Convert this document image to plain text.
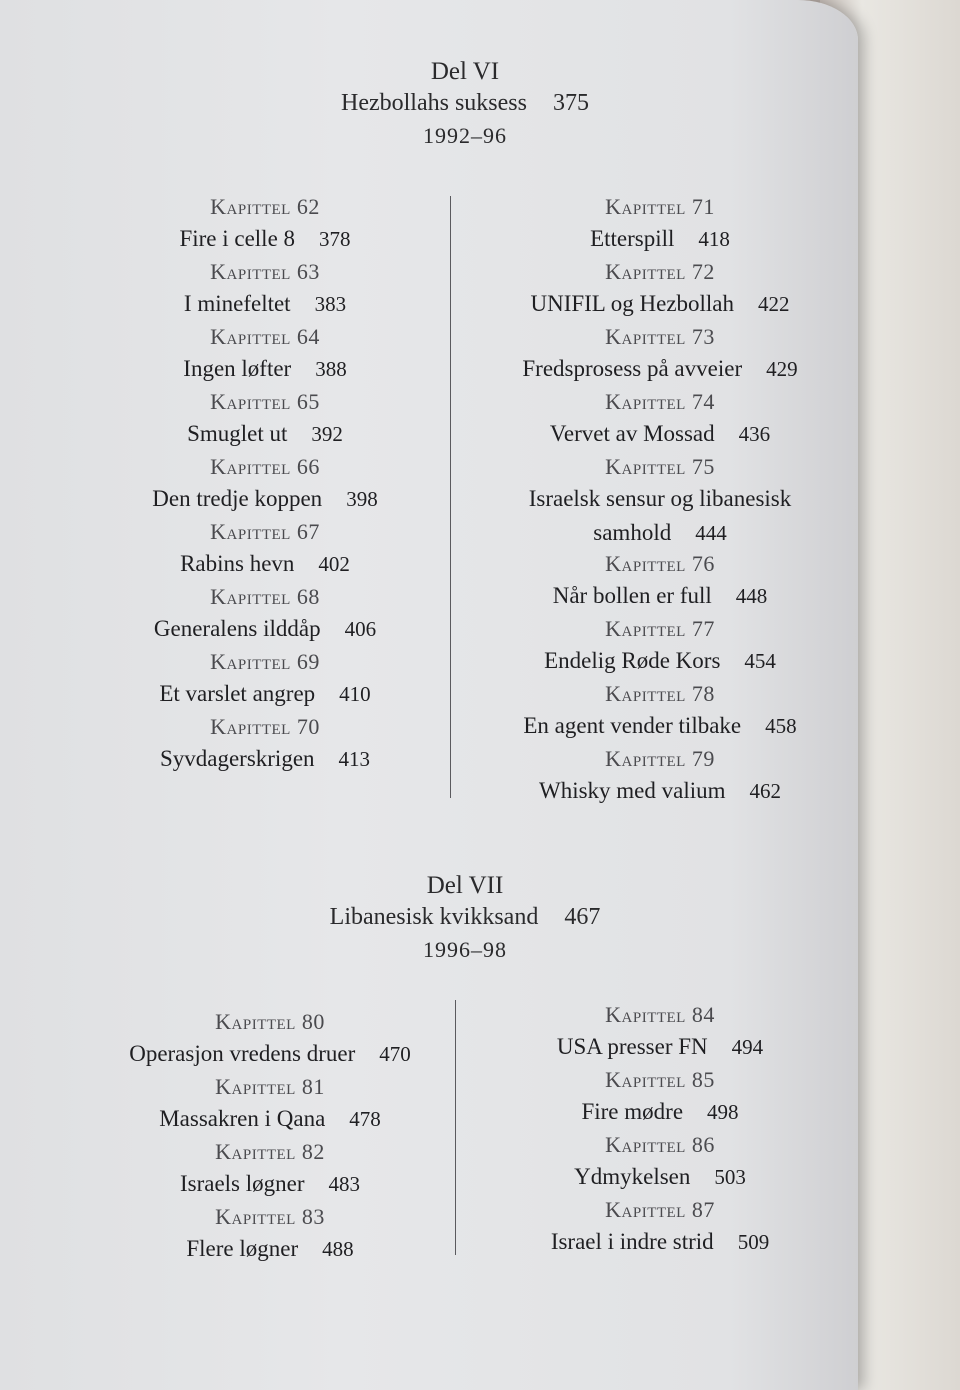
Del VI
Hezbollahs suksess 375
1992–96
Kapittel 62
Fire i celle 8 378
Kapittel 63
I minefeltet 383
Kapittel 64
Ingen løfter 388
Kapittel 65
Smuglet ut 392
Kapittel 66
Den tredje koppen 398
Kapittel 67
Rabins hevn 402
Kapittel 68
Generalens ilddåp 406
Kapittel 69
Et varslet angrep 410
Kapittel 70
Syvdagerskrigen 413
Kapittel 71
Etterspill 418
Kapittel 72
UNIFIL og Hezbollah 422
Kapittel 73
Fredsprosess på avveier 429
Kapittel 74
Vervet av Mossad 436
Kapittel 75
Israelsk sensur og libanesisk
samhold 444
Kapittel 76
Når bollen er full 448
Kapittel 77
Endelig Røde Kors 454
Kapittel 78
En agent vender tilbake 458
Kapittel 79
Whisky med valium 462
Del VII
Libanesisk kvikksand 467
1996–98
Kapittel 80
Operasjon vredens druer 470
Kapittel 81
Massakren i Qana 478
Kapittel 82
Israels løgner 483
Kapittel 83
Flere løgner 488
Kapittel 84
USA presser FN 494
Kapittel 85
Fire mødre 498
Kapittel 86
Ydmykelsen 503
Kapittel 87
Israel i indre strid 509
